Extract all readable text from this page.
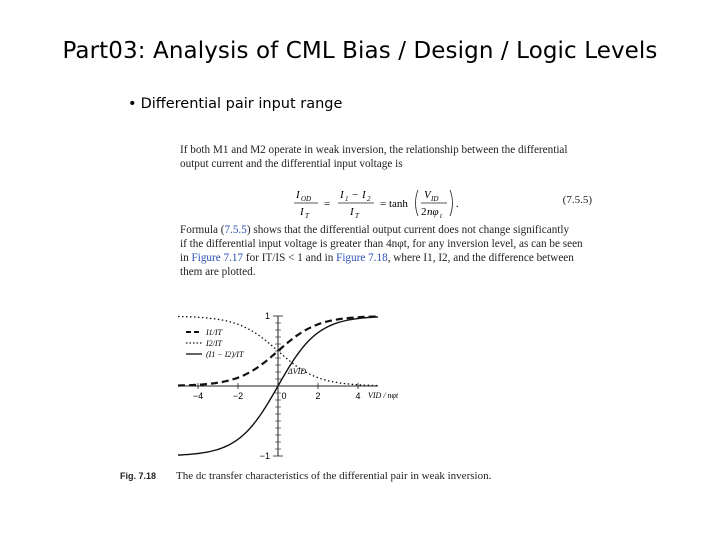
Part03: Analysis of CML Bias / Design / Logic Levels
• Differential pair input range
If both M1 and M2 operate in weak inversion, the relationship between the differential
output current and the differential input voltage is
I OD
I T
=
I 1 − I 2
I T
= tanh
V ID
2 nφ t
.	(7.5.5)
Formula (7.5.5) shows that the differential output current does not change significantly
if the differential input voltage is greater than 4nφt, for any inversion level, as can be seen
in Figure 7.17 for IT/IS < 1 and in Figure 7.18, where I1, I2, and the difference between
them are plotted.
−4	−2	0	2	4
1
−1
I1/IT
I2/IT
(I1 − I2)/IT
ΔVID
VID / nφt
Fig. 7.18 The dc transfer characteristics of the differential pair in weak inversion.
